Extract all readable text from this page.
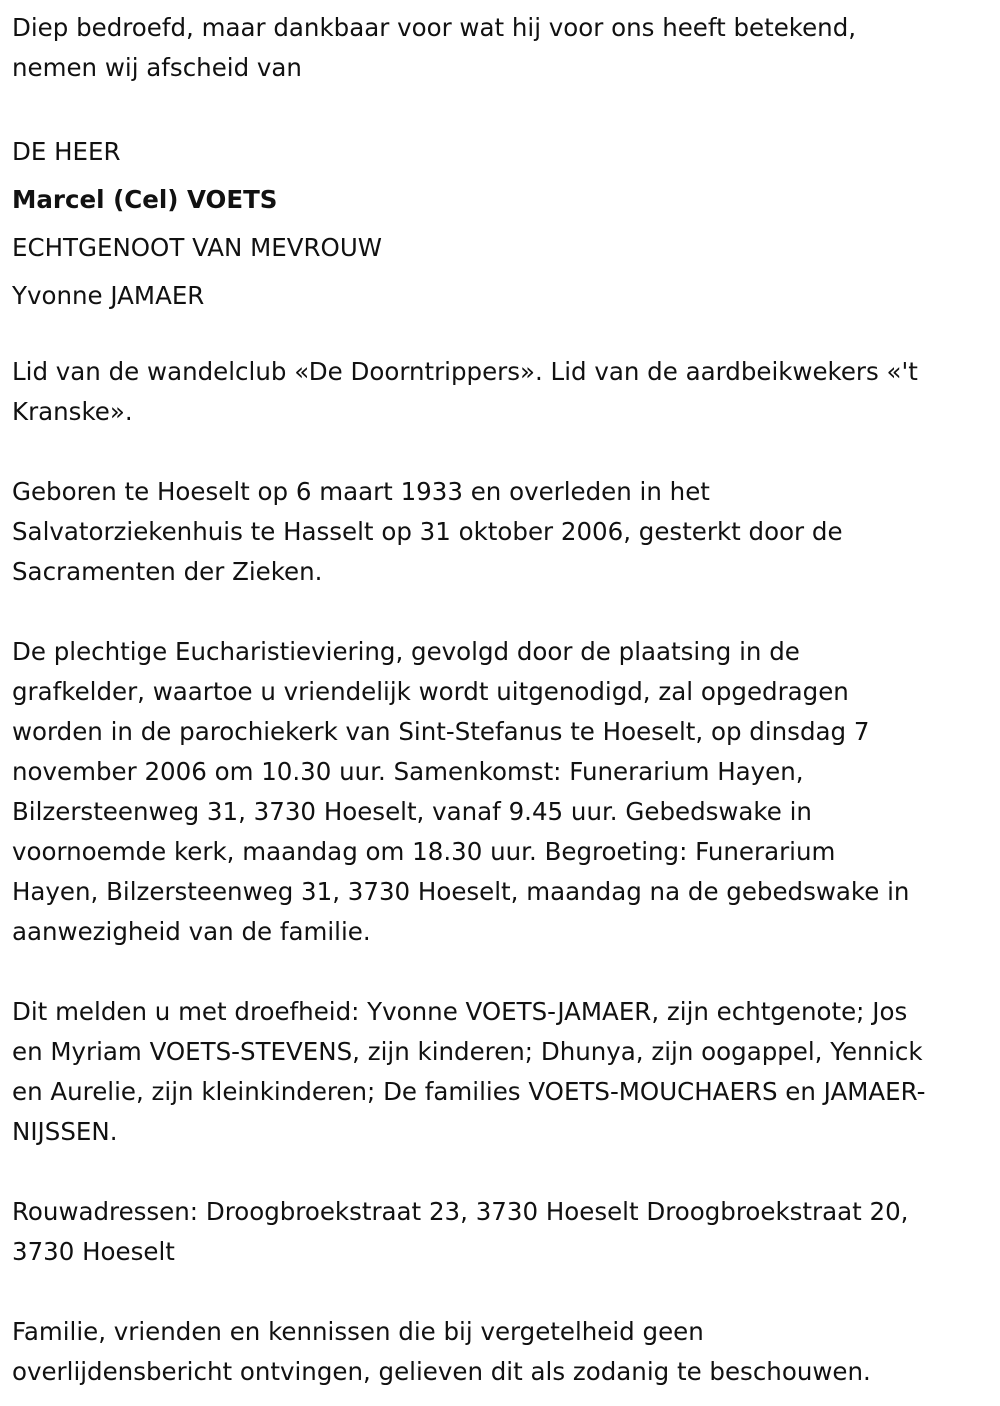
Diep bedroefd, maar dankbaar voor wat hij voor ons heeft betekend,
nemen wij afscheid van
DE HEER
Marcel (Cel) VOETS
ECHTGENOOT VAN MEVROUW
Yvonne JAMAER
Lid van de wandelclub «De Doorntrippers». Lid van de aardbeikwekers «'t
Kranske».
Geboren te Hoeselt op 6 maart 1933 en overleden in het
Salvatorziekenhuis te Hasselt op 31 oktober 2006, gesterkt door de
Sacramenten der Zieken.
De plechtige Eucharistieviering, gevolgd door de plaatsing in de
grafkelder, waartoe u vriendelijk wordt uitgenodigd, zal opgedragen
worden in de parochiekerk van Sint-Stefanus te Hoeselt, op dinsdag 7
november 2006 om 10.30 uur. Samenkomst: Funerarium Hayen,
Bilzersteenweg 31, 3730 Hoeselt, vanaf 9.45 uur. Gebedswake in
voornoemde kerk, maandag om 18.30 uur. Begroeting: Funerarium
Hayen, Bilzersteenweg 31, 3730 Hoeselt, maandag na de gebedswake in
aanwezigheid van de familie.
Dit melden u met droefheid: Yvonne VOETS-JAMAER, zijn echtgenote; Jos
en Myriam VOETS-STEVENS, zijn kinderen; Dhunya, zijn oogappel, Yennick
en Aurelie, zijn kleinkinderen; De families VOETS-MOUCHAERS en JAMAER-
NIJSSEN.
Rouwadressen: Droogbroekstraat 23, 3730 Hoeselt Droogbroekstraat 20,
3730 Hoeselt
Familie, vrienden en kennissen die bij vergetelheid geen
overlijdensbericht ontvingen, gelieven dit als zodanig te beschouwen.
